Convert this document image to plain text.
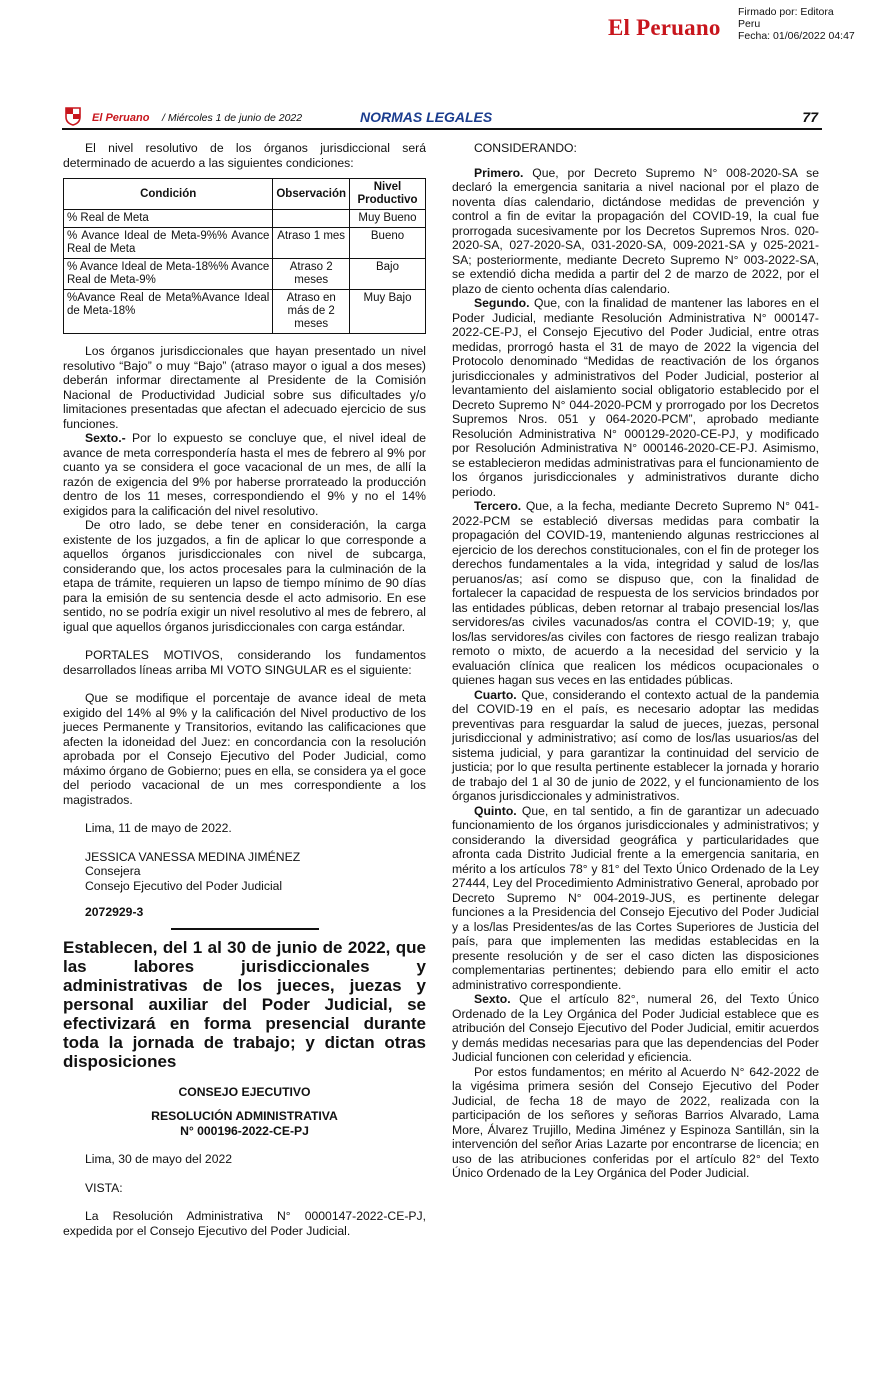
Firmado por: Editora
Peru
Fecha: 01/06/2022 04:47
El Peruano
El Peruano / Miércoles 1 de junio de 2022	NORMAS LEGALES	77

El nivel resolutivo de los órganos jurisdiccional será determinado de acuerdo a las siguientes condiciones:

Condición	Observación	Nivel Productivo
% Real de Meta		Muy Bueno
% Avance Ideal de Meta-9%% Avance Real de Meta	Atraso 1 mes	Bueno
% Avance Ideal de Meta-18%% Avance Real de Meta-9%	Atraso 2 meses	Bajo
%Avance Real de Meta%Avance Ideal de Meta-18%	Atraso en más de 2 meses	Muy Bajo

Los órganos jurisdiccionales que hayan presentado un nivel resolutivo “Bajo” o muy “Bajo” (atraso mayor o igual a dos meses) deberán informar directamente al Presidente de la Comisión Nacional de Productividad Judicial sobre sus dificultades y/o limitaciones presentadas que afectan el adecuado ejercicio de sus funciones.

Sexto.- Por lo expuesto se concluye que, el nivel ideal de avance de meta correspondería hasta el mes de febrero al 9% por cuanto ya se considera el goce vacacional de un mes, de allí la razón de exigencia del 9% por haberse prorrateado la producción dentro de los 11 meses, correspondiendo el 9% y no el 14% exigidos para la calificación del nivel resolutivo.

De otro lado, se debe tener en consideración, la carga existente de los juzgados, a fin de aplicar lo que corresponde a aquellos órganos jurisdiccionales con nivel de subcarga, considerando que, los actos procesales para la culminación de la etapa de trámite, requieren un lapso de tiempo mínimo de 90 días para la emisión de su sentencia desde el acto admisorio. En ese sentido, no se podría exigir un nivel resolutivo al mes de febrero, al igual que aquellos órganos jurisdiccionales con carga estándar.

PORTALES MOTIVOS, considerando los fundamentos desarrollados líneas arriba MI VOTO SINGULAR es el siguiente:

Que se modifique el porcentaje de avance ideal de meta exigido del 14% al 9% y la calificación del Nivel productivo de los jueces Permanente y Transitorios, evitando las calificaciones que afecten la idoneidad del Juez: en concordancia con la resolución aprobada por el Consejo Ejecutivo del Poder Judicial, como máximo órgano de Gobierno; pues en ella, se considera ya el goce del periodo vacacional de un mes correspondiente a los magistrados.

Lima, 11 de mayo de 2022.

JESSICA VANESSA MEDINA JIMÉNEZ

Consejera

Consejo Ejecutivo del Poder Judicial

2072929-3

Establecen, del 1 al 30 de junio de 2022, que las labores jurisdiccionales y administrativas de los jueces, juezas y personal auxiliar del Poder Judicial, se efectivizará en forma presencial durante toda la jornada de trabajo; y dictan otras disposiciones

CONSEJO EJECUTIVO

RESOLUCIÓN ADMINISTRATIVA

N° 000196-2022-CE-PJ

Lima, 30 de mayo del 2022

VISTA:

La Resolución Administrativa N° 0000147-2022-CE-PJ, expedida por el Consejo Ejecutivo del Poder Judicial.

CONSIDERANDO:

Primero. Que, por Decreto Supremo N° 008-2020-SA se declaró la emergencia sanitaria a nivel nacional por el plazo de noventa días calendario, dictándose medidas de prevención y control a fin de evitar la propagación del COVID-19, la cual fue prorrogada sucesivamente por los Decretos Supremos Nros. 020-2020-SA, 027-2020-SA, 031-2020-SA, 009-2021-SA y 025-2021-SA; posteriormente, mediante Decreto Supremo N° 003-2022-SA, se extendió dicha medida a partir del 2 de marzo de 2022, por el plazo de ciento ochenta días calendario.

Segundo. Que, con la finalidad de mantener las labores en el Poder Judicial, mediante Resolución Administrativa N° 000147-2022-CE-PJ, el Consejo Ejecutivo del Poder Judicial, entre otras medidas, prorrogó hasta el 31 de mayo de 2022 la vigencia del Protocolo denominado “Medidas de reactivación de los órganos jurisdiccionales y administrativos del Poder Judicial, posterior al levantamiento del aislamiento social obligatorio establecido por el Decreto Supremo N° 044-2020-PCM y prorrogado por los Decretos Supremos Nros. 051 y 064-2020-PCM”, aprobado mediante Resolución Administrativa N° 000129-2020-CE-PJ, y modificado por Resolución Administrativa N° 000146-2020-CE-PJ. Asimismo, se establecieron medidas administrativas para el funcionamiento de los órganos jurisdiccionales y administrativos durante dicho periodo.

Tercero. Que, a la fecha, mediante Decreto Supremo N° 041-2022-PCM se estableció diversas medidas para combatir la propagación del COVID-19, manteniendo algunas restricciones al ejercicio de los derechos constitucionales, con el fin de proteger los derechos fundamentales a la vida, integridad y salud de los/las peruanos/as; así como se dispuso que, con la finalidad de fortalecer la capacidad de respuesta de los servicios brindados por las entidades públicas, deben retornar al trabajo presencial los/las servidores/as civiles vacunados/as contra el COVID-19; y, que los/las servidores/as civiles con factores de riesgo realizan trabajo remoto o mixto, de acuerdo a la necesidad del servicio y la evaluación clínica que realicen los médicos ocupacionales o quienes hagan sus veces en las entidades públicas.

Cuarto. Que, considerando el contexto actual de la pandemia del COVID-19 en el país, es necesario adoptar las medidas preventivas para resguardar la salud de jueces, juezas, personal jurisdiccional y administrativo; así como de los/las usuarios/as del sistema judicial, y para garantizar la continuidad del servicio de justicia; por lo que resulta pertinente establecer la jornada y horario de trabajo del 1 al 30 de junio de 2022, y el funcionamiento de los órganos jurisdiccionales y administrativos.

Quinto. Que, en tal sentido, a fin de garantizar un adecuado funcionamiento de los órganos jurisdiccionales y administrativos; y considerando la diversidad geográfica y particularidades que afronta cada Distrito Judicial frente a la emergencia sanitaria, en mérito a los artículos 78° y 81° del Texto Único Ordenado de la Ley 27444, Ley del Procedimiento Administrativo General, aprobado por Decreto Supremo N° 004-2019-JUS, es pertinente delegar funciones a la Presidencia del Consejo Ejecutivo del Poder Judicial y a los/las Presidentes/as de las Cortes Superiores de Justicia del país, para que implementen las medidas establecidas en la presente resolución y de ser el caso dicten las disposiciones complementarias pertinentes; debiendo para ello emitir el acto administrativo correspondiente.

Sexto. Que el artículo 82°, numeral 26, del Texto Único Ordenado de la Ley Orgánica del Poder Judicial establece que es atribución del Consejo Ejecutivo del Poder Judicial, emitir acuerdos y demás medidas necesarias para que las dependencias del Poder Judicial funcionen con celeridad y eficiencia.

Por estos fundamentos; en mérito al Acuerdo N° 642-2022 de la vigésima primera sesión del Consejo Ejecutivo del Poder Judicial, de fecha 18 de mayo de 2022, realizada con la participación de los señores y señoras Barrios Alvarado, Lama More, Álvarez Trujillo, Medina Jiménez y Espinoza Santillán, sin la intervención del señor Arias Lazarte por encontrarse de licencia; en uso de las atribuciones conferidas por el artículo 82° del Texto Único Ordenado de la Ley Orgánica del Poder Judicial.
